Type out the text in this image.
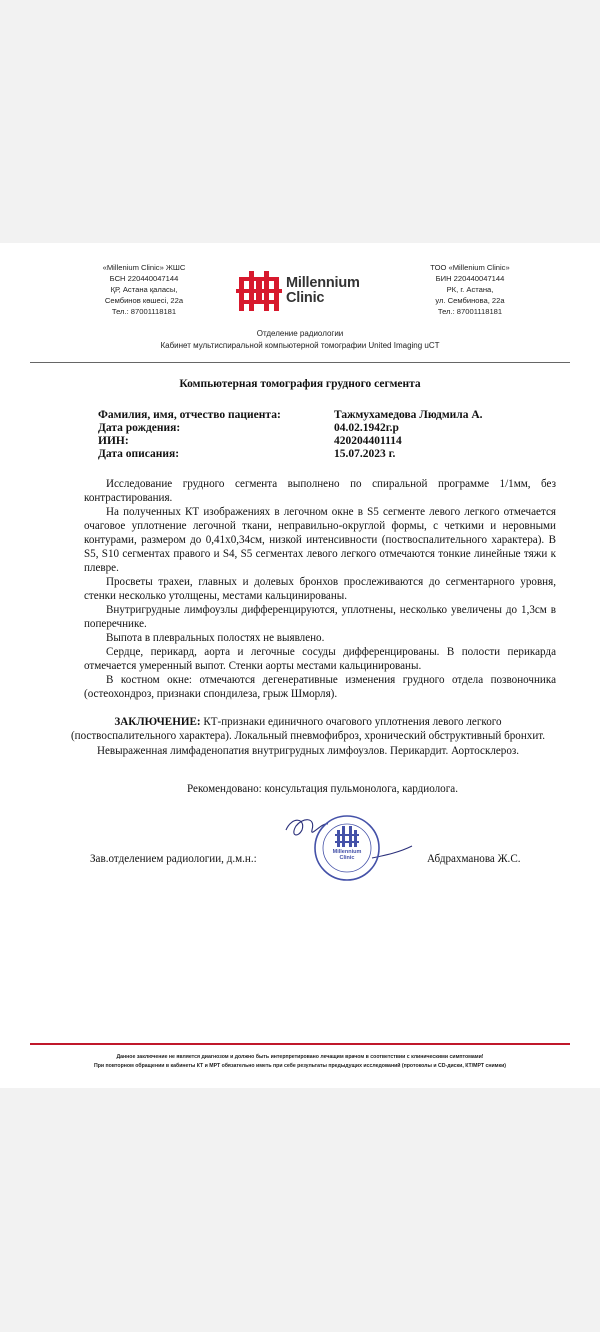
«Millenium Clinic» ЖШС
БСН 220440047144
ҚР, Астана қаласы,
Сембинов көшесі, 22а
Тел.: 87001118181
Millennium
Clinic
ТОО «Millenium Clinic»
БИН 220440047144
РК, г. Астана,
ул. Сембинова, 22а
Тел.: 87001118181
Отделение радиологии
Кабинет мультиспиральной компьютерной томографии United Imaging uCT
Компьютерная томография грудного сегмента
Фамилия, имя, отчество пациента:	Тажмухамедова Людмила А.
Дата рождения:	04.02.1942г.р
ИИН:	420204401114
Дата описания:	15.07.2023 г.

Исследование грудного сегмента выполнено по спиральной программе 1/1мм, без контрастирования.

На полученных КТ изображениях в легочном окне в S5 сегменте левого легкого отмечается очаговое уплотнение легочной ткани, неправильно-округлой формы, с четкими и неровными контурами, размером до 0,41х0,34см, низкой интенсивности (поствоспалительного характера). В S5, S10 сегментах правого и S4, S5 сегментах левого легкого отмечаются тонкие линейные тяжи к плевре.

Просветы трахеи, главных и долевых бронхов прослеживаются до сегментарного уровня, стенки несколько утолщены, местами кальцинированы.

Внутригрудные лимфоузлы дифференцируются, уплотнены, несколько увеличены до 1,3см в поперечнике.

Выпота в плевральных полостях не выявлено.

Сердце, перикард, аорта и легочные сосуды дифференцированы. В полости перикарда отмечается умеренный выпот. Стенки аорты местами кальцинированы.

В костном окне: отмечаются дегенеративные изменения грудного отдела позвоночника (остеохондроз, признаки спондилеза, грыж Шморля).

ЗАКЛЮЧЕНИЕ: КТ-признаки единичного очагового уплотнения левого легкого (поствоспалительного характера). Локальный пневмофиброз, хронический обструктивный бронхит. Невыраженная лимфаденопатия внутригрудных лимфоузлов. Перикардит. Аортосклероз.
Рекомендовано: консультация пульмонолога, кардиолога.
Millennium
Clinic
Зав.отделением радиологии, д.м.н.:	Абдрахманова Ж.С.
Данное заключение не является диагнозом и должно быть интерпретировано лечащим врачом в соответствии с клиническими симптомами!
При повторном обращении в кабинеты КТ и МРТ обязательно иметь при себе результаты предыдущих исследований (протоколы и CD-диски, КТ/МРТ снимки)
